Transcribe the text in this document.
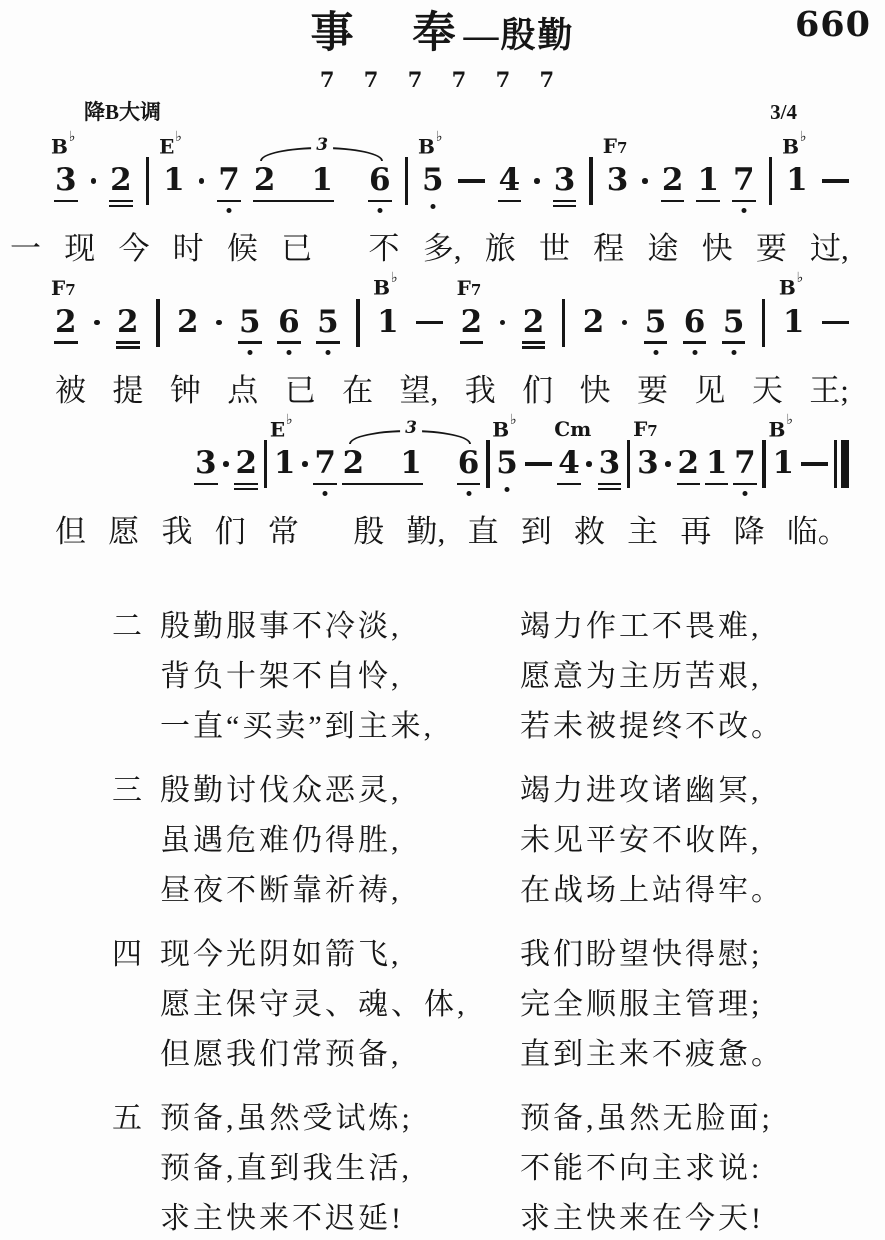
660
事　奉—殷勤
7 7 7 7 7 7
降B大调	3/4
B♭
3 2
E♭
1 7
3
2 1 6
B♭
5 4 3
F7
3 2 1 7
B♭
1
一 现 今 时 候 已 不 多, 旅 世 程 途 快 要 过,
F7
2 2 2 5 6 5
B♭
1
F7
2 2 2 5 6 5
B♭
1
被 提 钟 点 已 在 望, 我 们 快 要 见 天 王;
3 2
E♭
1 7
3
2 1 6
B♭
5
Cm
4 3
F7
3 2 1 7
B♭
1
但 愿 我 们 常 殷 勤, 直 到 救 主 再 降 临。
二 殷勤服事不冷淡,	竭力作工不畏难,
背负十架不自怜,	愿意为主历苦艰,
一直“买卖”到主来,	若未被提终不改。
三 殷勤讨伐众恶灵,	竭力进攻诸幽冥,
虽遇危难仍得胜,	未见平安不收阵,
昼夜不断靠祈祷,	在战场上站得牢。
四 现今光阴如箭飞,	我们盼望快得慰;
愿主保守灵、魂、体,	完全顺服主管理;
但愿我们常预备,	直到主来不疲惫。
五 预备,虽然受试炼;	预备,虽然无脸面;
预备,直到我生活,	不能不向主求说:
求主快来不迟延!	求主快来在今天!
